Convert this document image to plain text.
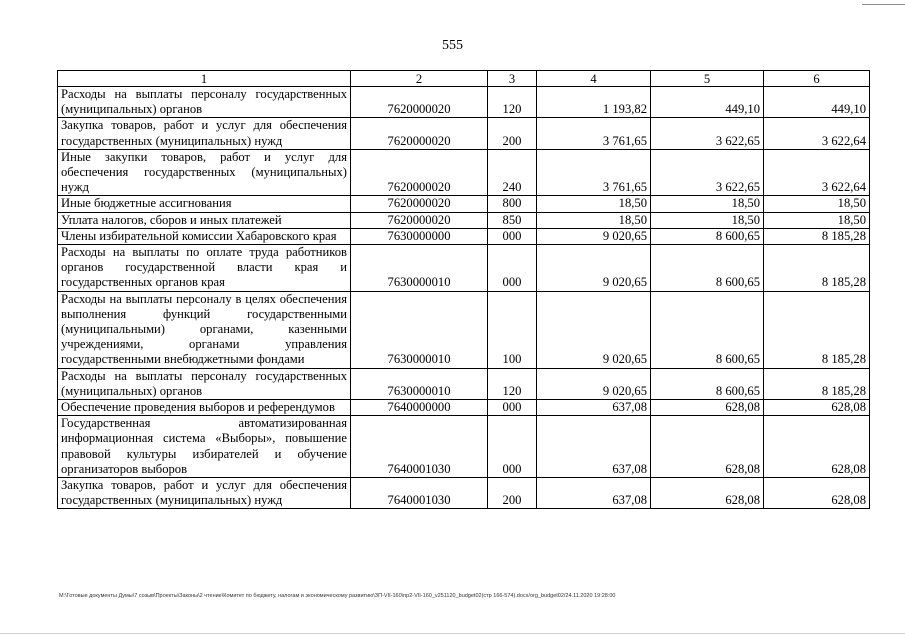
555
1	2	3	4	5	6
Расходы на выплаты персоналу государственных (муниципальных) органов	7620000020	120	1 193,82	449,10	449,10
Закупка товаров, работ и услуг для обеспечения государственных (муниципальных) нужд	7620000020	200	3 761,65	3 622,65	3 622,64
Иные закупки товаров, работ и услуг для обеспечения государственных (муниципальных) нужд	7620000020	240	3 761,65	3 622,65	3 622,64
Иные бюджетные ассигнования	7620000020	800	18,50	18,50	18,50
Уплата налогов, сборов и иных платежей	7620000020	850	18,50	18,50	18,50
Члены избирательной комиссии Хабаровского края	7630000000	000	9 020,65	8 600,65	8 185,28
Расходы на выплаты по оплате труда работников органов государственной власти края и государственных органов края	7630000010	000	9 020,65	8 600,65	8 185,28
Расходы на выплаты персоналу в целях обеспечения выполнения функций государственными (муниципальными) органами, казенными учреждениями, органами управления государственными внебюджетными фондами	7630000010	100	9 020,65	8 600,65	8 185,28
Расходы на выплаты персоналу государственных (муниципальных) органов	7630000010	120	9 020,65	8 600,65	8 185,28
Обеспечение проведения выборов и референдумов	7640000000	000	637,08	628,08	628,08
Государственная автоматизированная информационная система «Выборы», повышение правовой культуры избирателей и обучение организаторов выборов	7640001030	000	637,08	628,08	628,08
Закупка товаров, работ и услуг для обеспечения государственных (муниципальных) нужд	7640001030	200	637,08	628,08	628,08
M:\Готовые документы Думы\7 созыв\Проекты\Законы\2 чтение\Комитет по бюджету, налогам и экономическому развитию\ЗП-VII-160\пр2-VII-160_v251120_budget02(стр 166-574).docx/org_budget02/24.11.2020 19:28:00
